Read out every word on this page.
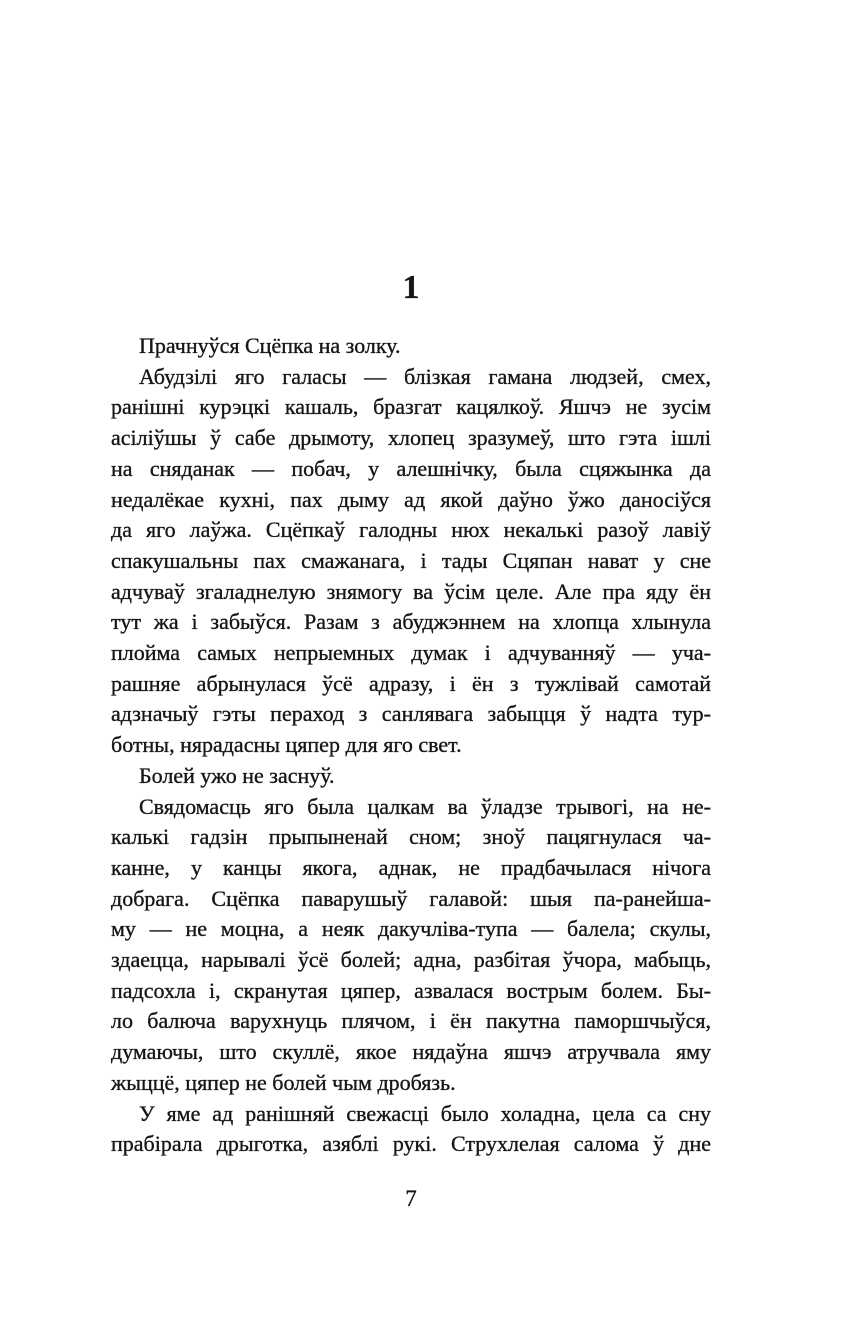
1
Прачнуўся Сцёпка на золку.
Абудзілі яго галасы — блізкая гамана людзей, смех,
ранішні курэцкі кашаль, бразгат кацялкоў. Яшчэ не зусім
асіліўшы ў сабе дрымоту, хлопец зразумеў, што гэта ішлі
на сняданак — побач, у алешнічку, была сцяжынка да
недалёкае кухні, пах дыму ад якой даўно ўжо даносіўся
да яго лаўжа. Сцёпкаў галодны нюх некалькі разоў лавіў
спакушальны пах смажанага, і тады Сцяпан нават у сне
адчуваў згаладнелую знямогу ва ўсім целе. Але пра яду ён
тут жа і забыўся. Разам з абуджэннем на хлопца хлынула
плойма самых непрыемных думак і адчуванняў — уча-
рашняе абрынулася ўсё адразу, і ён з тужлівай самотай
адзначыў гэты пераход з санлявага забыцця ў надта тур-
ботны, нярадасны цяпер для яго свет.
Болей ужо не заснуў.
Свядомасць яго была цалкам ва ўладзе трывогі, на не-
калькі гадзін прыпыненай сном; зноў пацягнулася ча-
канне, у канцы якога, аднак, не прадбачылася нічога
добрага. Сцёпка паварушыў галавой: шыя па-ранейша-
му — не моцна, а неяк дакучліва-тупа — балела; скулы,
здаецца, нарывалі ўсё болей; адна, разбітая ўчора, мабыць,
падсохла і, скранутая цяпер, азвалася вострым болем. Бы-
ло балюча варухнуць плячом, і ён пакутна паморшчыўся,
думаючы, што скуллё, якое нядаўна яшчэ атручвала яму
жыццё, цяпер не болей чым дробязь.
У яме ад ранішняй свежасці было холадна, цела са сну
прабірала дрыготка, азяблі рукі. Струхлелая салома ў дне
7
